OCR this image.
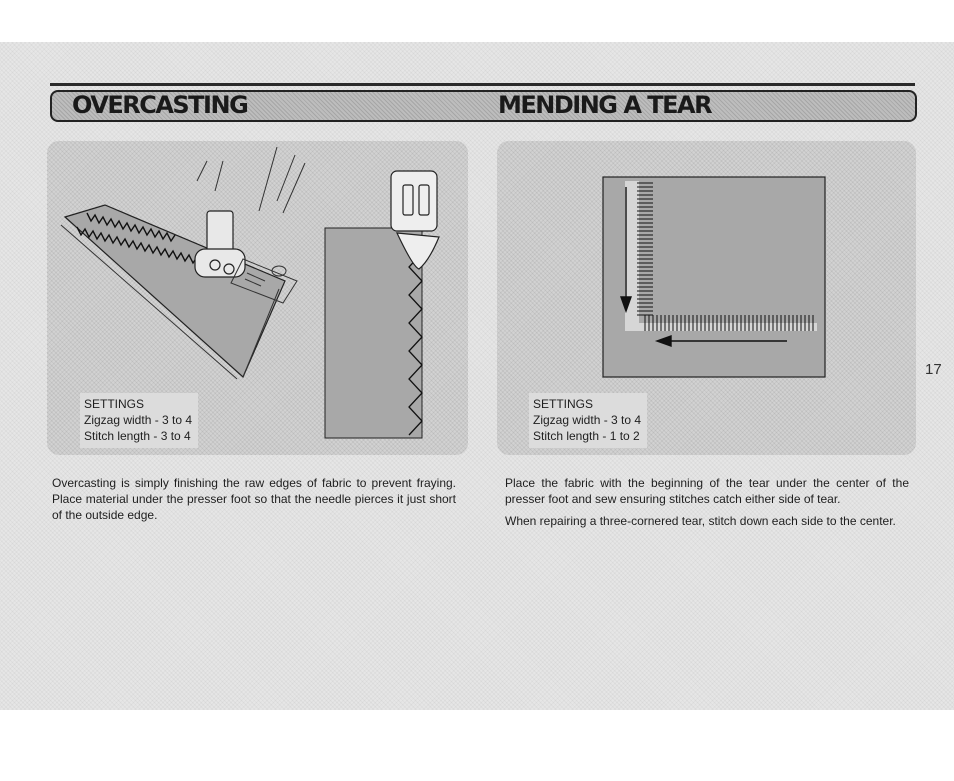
OVERCASTING	MENDING A TEAR
SETTINGS
Zigzag width - 3 to 4
Stitch length - 3 to 4
SETTINGS
Zigzag width - 3 to 4
Stitch length - 1 to 2

Overcasting is simply finishing the raw edges of fabric to prevent fraying. Place material under the presser foot so that the needle pierces it just short of the outside edge.

Place the fabric with the beginning of the tear under the center of the presser foot and sew ensuring stitches catch either side of tear.

When repairing a three-cornered tear, stitch down each side to the center.

17
